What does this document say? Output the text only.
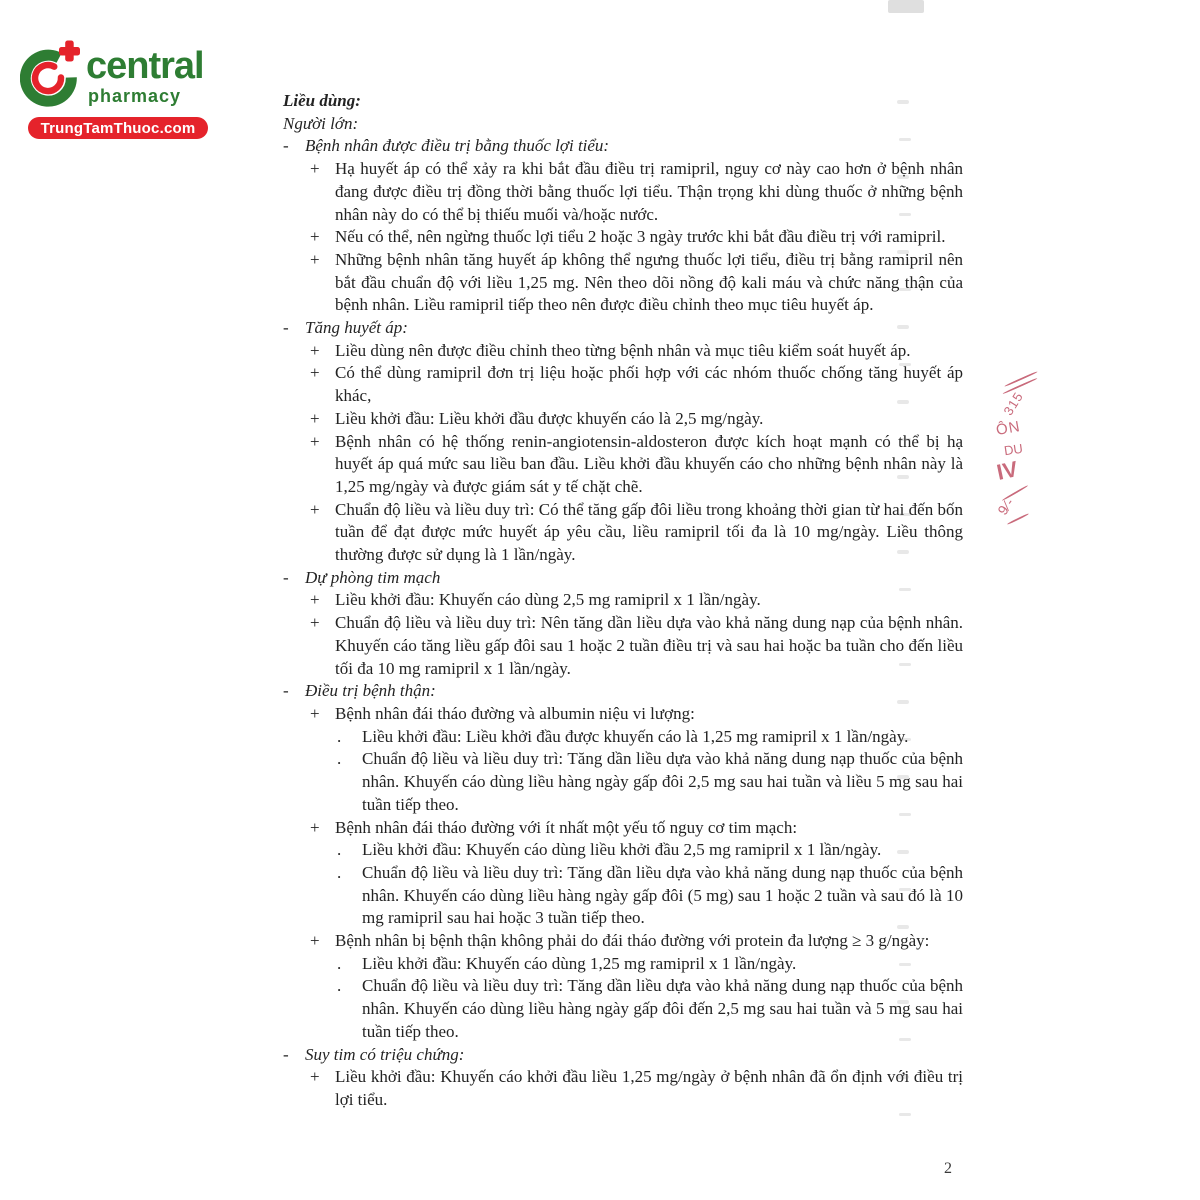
central
pharmacy
TrungTamThuoc.com
Liều dùng:
Người lớn:
- Bệnh nhân được điều trị bằng thuốc lợi tiểu:
+ Hạ huyết áp có thể xảy ra khi bắt đầu điều trị ramipril, nguy cơ này cao hơn ở bệnh nhân đang được điều trị đồng thời bằng thuốc lợi tiểu. Thận trọng khi dùng thuốc ở những bệnh nhân này do có thể bị thiếu muối và/hoặc nước.
+ Nếu có thể, nên ngừng thuốc lợi tiểu 2 hoặc 3 ngày trước khi bắt đầu điều trị với ramipril.
+ Những bệnh nhân tăng huyết áp không thể ngưng thuốc lợi tiểu, điều trị bằng ramipril nên bắt đầu chuẩn độ với liều 1,25 mg. Nên theo dõi nồng độ kali máu và chức năng thận của bệnh nhân. Liều ramipril tiếp theo nên được điều chỉnh theo mục tiêu huyết áp.
- Tăng huyết áp:
+ Liều dùng nên được điều chỉnh theo từng bệnh nhân và mục tiêu kiểm soát huyết áp.
+ Có thể dùng ramipril đơn trị liệu hoặc phối hợp với các nhóm thuốc chống tăng huyết áp khác,
+ Liều khởi đầu: Liều khởi đầu được khuyến cáo là 2,5 mg/ngày.
+ Bệnh nhân có hệ thống renin-angiotensin-aldosteron được kích hoạt mạnh có thể bị hạ huyết áp quá mức sau liều ban đầu. Liều khởi đầu khuyến cáo cho những bệnh nhân này là 1,25 mg/ngày và được giám sát y tế chặt chẽ.
+ Chuẩn độ liều và liều duy trì: Có thể tăng gấp đôi liều trong khoảng thời gian từ hai đến bốn tuần để đạt được mức huyết áp yêu cầu, liều ramipril tối đa là 10 mg/ngày. Liều thông thường được sử dụng là 1 lần/ngày.
- Dự phòng tim mạch
+ Liều khởi đầu: Khuyến cáo dùng 2,5 mg ramipril x 1 lần/ngày.
+ Chuẩn độ liều và liều duy trì: Nên tăng dần liều dựa vào khả năng dung nạp của bệnh nhân. Khuyến cáo tăng liều gấp đôi sau 1 hoặc 2 tuần điều trị và sau hai hoặc ba tuần cho đến liều tối đa 10 mg ramipril x 1 lần/ngày.
- Điều trị bệnh thận:
+ Bệnh nhân đái tháo đường và albumin niệu vi lượng:
.	Liều khởi đầu: Liều khởi đầu được khuyến cáo là 1,25 mg ramipril x 1 lần/ngày.
.	Chuẩn độ liều và liều duy trì: Tăng dần liều dựa vào khả năng dung nạp thuốc của bệnh nhân. Khuyến cáo dùng liều hàng ngày gấp đôi 2,5 mg sau hai tuần và liều 5 mg sau hai tuần tiếp theo.
+ Bệnh nhân đái tháo đường với ít nhất một yếu tố nguy cơ tim mạch:
.	Liều khởi đầu: Khuyến cáo dùng liều khởi đầu 2,5 mg ramipril x 1 lần/ngày.
.	Chuẩn độ liều và liều duy trì: Tăng dần liều dựa vào khả năng dung nạp thuốc của bệnh nhân. Khuyến cáo dùng liều hàng ngày gấp đôi (5 mg) sau 1 hoặc 2 tuần và sau đó là 10 mg ramipril sau hai hoặc 3 tuần tiếp theo.
+ Bệnh nhân bị bệnh thận không phải do đái tháo đường với protein đa lượng ≥ 3 g/ngày:
.	Liều khởi đầu: Khuyến cáo dùng 1,25 mg ramipril x 1 lần/ngày.
.	Chuẩn độ liều và liều duy trì: Tăng dần liều dựa vào khả năng dung nạp thuốc của bệnh nhân. Khuyến cáo dùng liều hàng ngày gấp đôi đến 2,5 mg sau hai tuần và 5 mg sau hai tuần tiếp theo.
- Suy tim có triệu chứng:
+ Liều khởi đầu: Khuyến cáo khởi đầu liều 1,25 mg/ngày ở bệnh nhân đã ổn định với điều trị lợi tiểu.
315
ÔN
DU
IV
9⁄-
2
